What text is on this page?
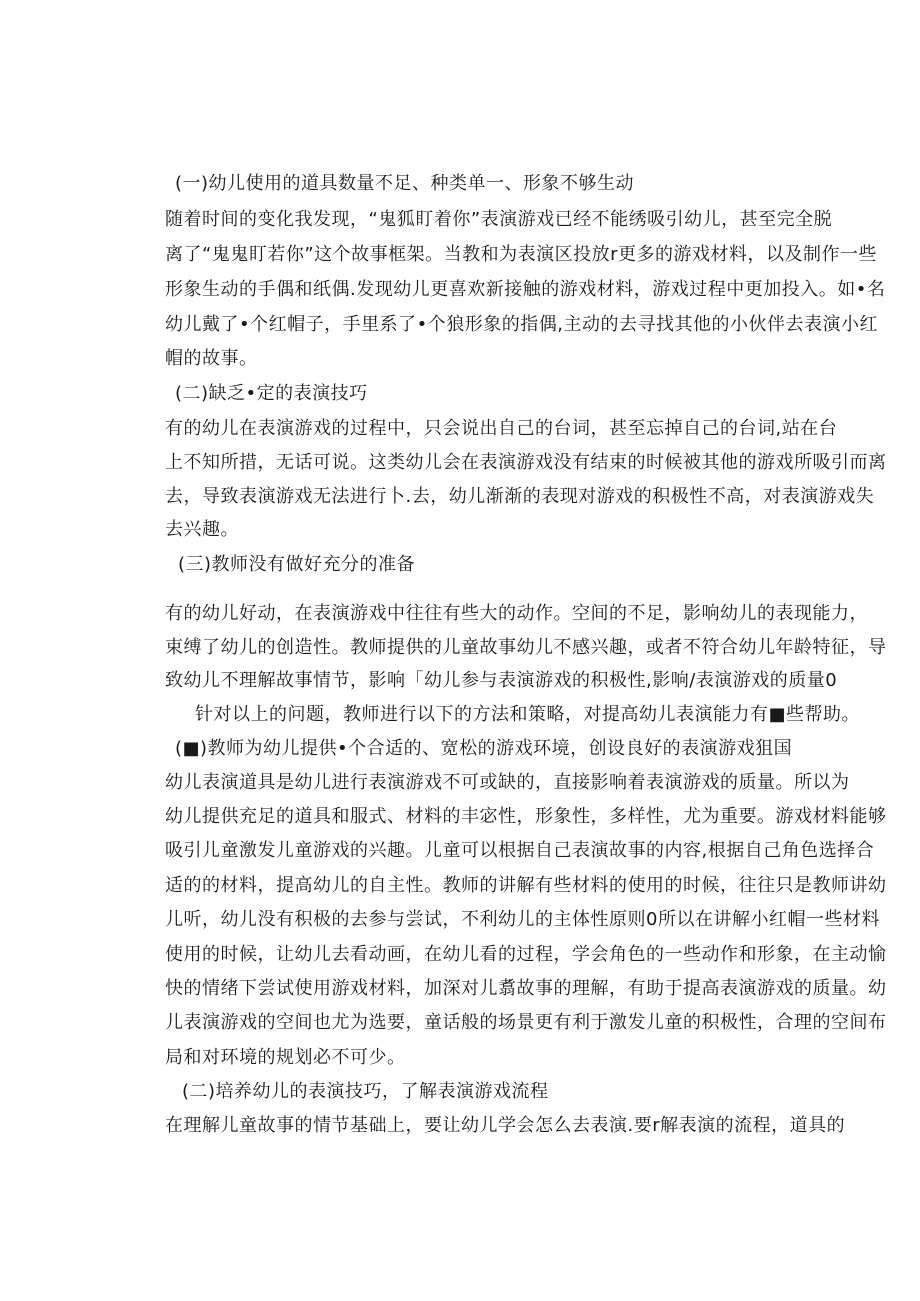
(一)幼儿使用的道具数量不足、种类单一、形象不够生动
随着时间的变化我发现，“鬼狐盯着你”表演游戏已经不能绣吸引幼儿，甚至完全脱
离了“鬼鬼盯若你”这个故事框架。当教和为表演区投放r更多的游戏材料，以及制作一些
形象生动的手偶和纸偶.发现幼儿更喜欢新接触的游戏材料，游戏过程中更加投入。如•名
幼儿戴了•个红帽子，手里系了•个狼形象的指偶,主动的去寻找其他的小伙伴去表演小红
帽的故事。
(二)缺乏•定的表演技巧
有的幼儿在表演游戏的过程中，只会说出自己的台词，甚至忘掉自己的台词,站在台
上不知所措，无话可说。这类幼儿会在表演游戏没有结束的时候被其他的游戏所吸引而离
去，导致表演游戏无法进行卜.去，幼儿渐渐的表现对游戏的积极性不高，对表演游戏失
去兴趣。
(三)教师没有做好充分的准备
有的幼儿好动，在表演游戏中往往有些大的动作。空间的不足，影响幼儿的表现能力，
束缚了幼儿的创造性。教师提供的儿童故事幼儿不感兴趣，或者不符合幼儿年龄特征，导
致幼儿不理解故事情节，影响「幼儿参与表演游戏的积极性,影响/表演游戏的质量0
针对以上的问题，教师进行以下的方法和策略，对提高幼儿表演能力有■些帮助。
(■)教师为幼儿提供•个合适的、宽松的游戏环境，创设良好的表演游戏狙国
幼儿表演道具是幼儿进行表演游戏不可或缺的，直接影响着表演游戏的质量。所以为
幼儿提供充足的道具和服式、材料的丰宓性，形象性，多样性，尤为重要。游戏材料能够
吸引儿童激发儿童游戏的兴趣。儿童可以根据自己表演故事的内容,根据自己角色选择合
适的的材料，提高幼儿的自主性。教师的讲解有些材料的使用的时候，往往只是教师讲幼
儿听，幼儿没有积极的去参与尝试，不利幼儿的主体性原则0所以在讲解小红帽一些材料
使用的时候，让幼儿去看动画，在幼儿看的过程，学会角色的一些动作和形象，在主动愉
快的情绪下尝试使用游戏材料，加深对儿翥故事的理解，有助于提高表演游戏的质量。幼
儿表演游戏的空间也尤为选要，童话般的场景更有利于激发儿童的积极性，合理的空间布
局和对环境的规划必不可少。
(二)培养幼儿的表演技巧，了解表演游戏流程
在理解儿童故事的情节基础上，要让幼儿学会怎么去表演.要r解表演的流程，道具的
